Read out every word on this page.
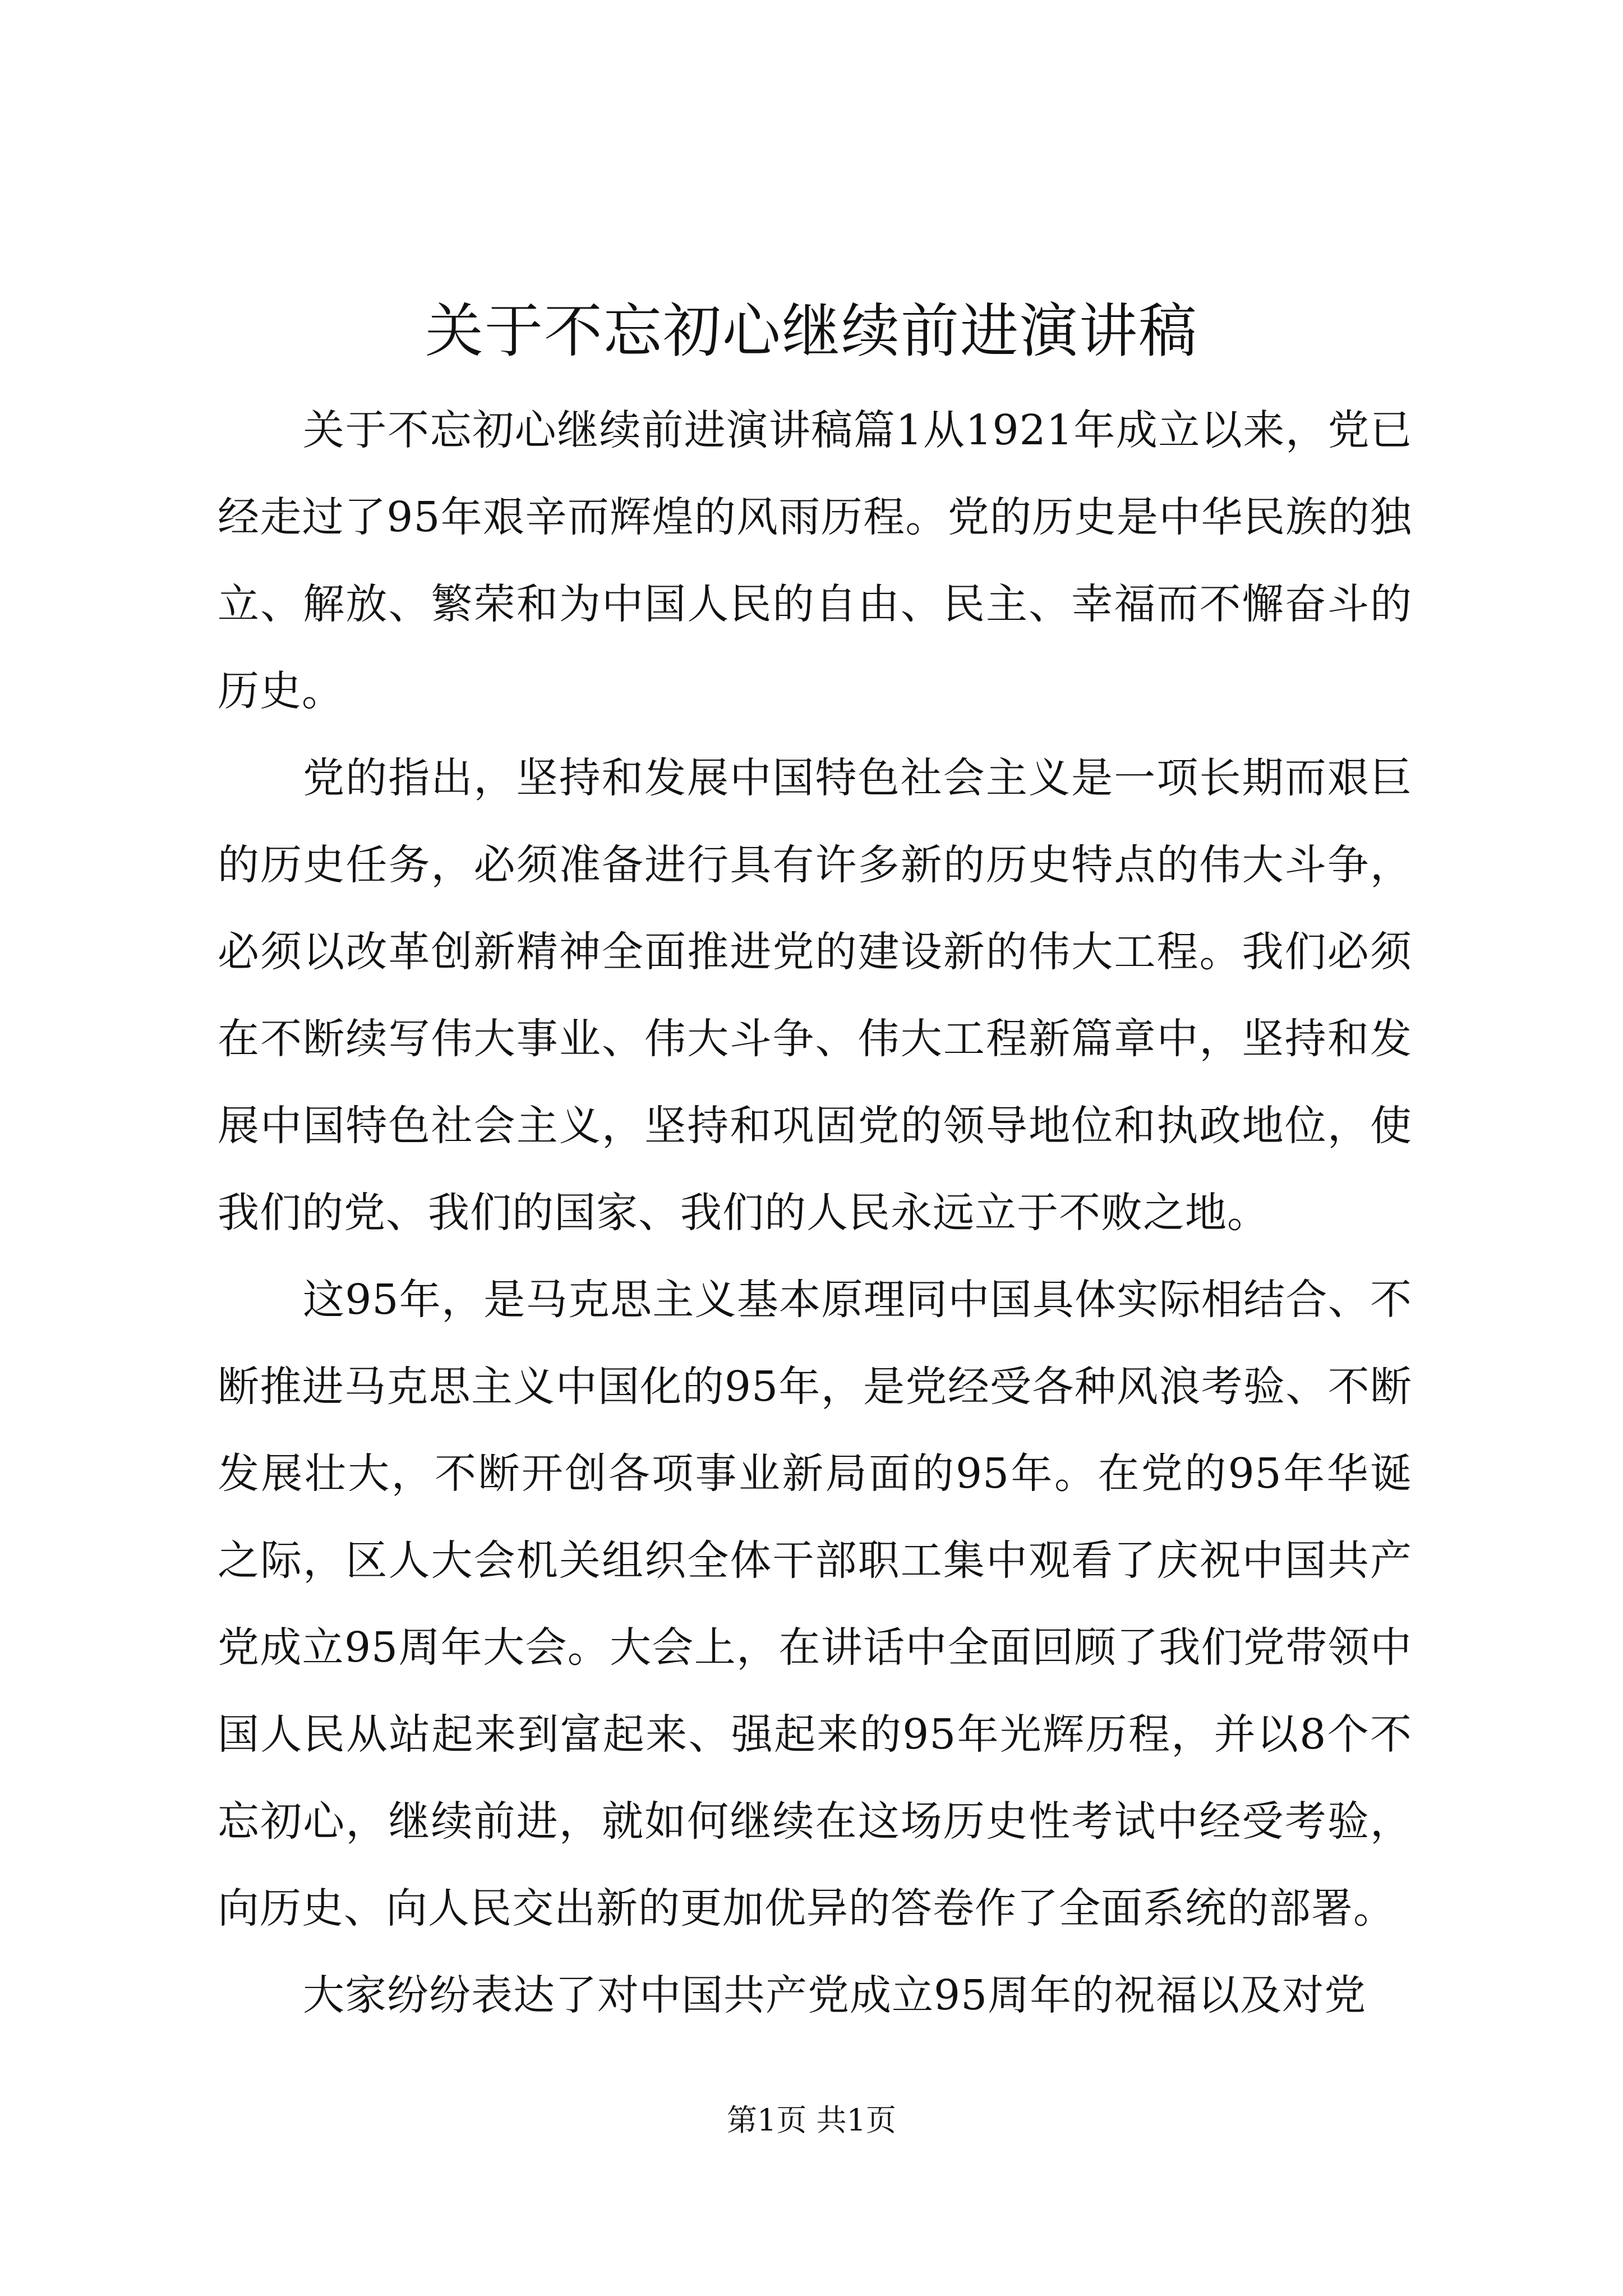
关于不忘初心继续前进演讲稿

关于不忘初心继续前进演讲稿篇1从1921年成立以来，党已经走过了95年艰辛而辉煌的风雨历程。党的历史是中华民族的独立、解放、繁荣和为中国人民的自由、民主、幸福而不懈奋斗的历史。

党的指出，坚持和发展中国特色社会主义是一项长期而艰巨的历史任务，必须准备进行具有许多新的历史特点的伟大斗争，必须以改革创新精神全面推进党的建设新的伟大工程。我们必须在不断续写伟大事业、伟大斗争、伟大工程新篇章中，坚持和发展中国特色社会主义，坚持和巩固党的领导地位和执政地位，使我们的党、我们的国家、我们的人民永远立于不败之地。

这95年，是马克思主义基本原理同中国具体实际相结合、不断推进马克思主义中国化的95年，是党经受各种风浪考验、不断发展壮大，不断开创各项事业新局面的95年。在党的95年华诞之际，区人大会机关组织全体干部职工集中观看了庆祝中国共产党成立95周年大会。大会上，在讲话中全面回顾了我们党带领中国人民从站起来到富起来、强起来的95年光辉历程，并以8个不忘初心，继续前进，就如何继续在这场历史性考试中经受考验，向历史、向人民交出新的更加优异的答卷作了全面系统的部署。

大家纷纷表达了对中国共产党成立95周年的祝福以及对党

第1页 共1页
